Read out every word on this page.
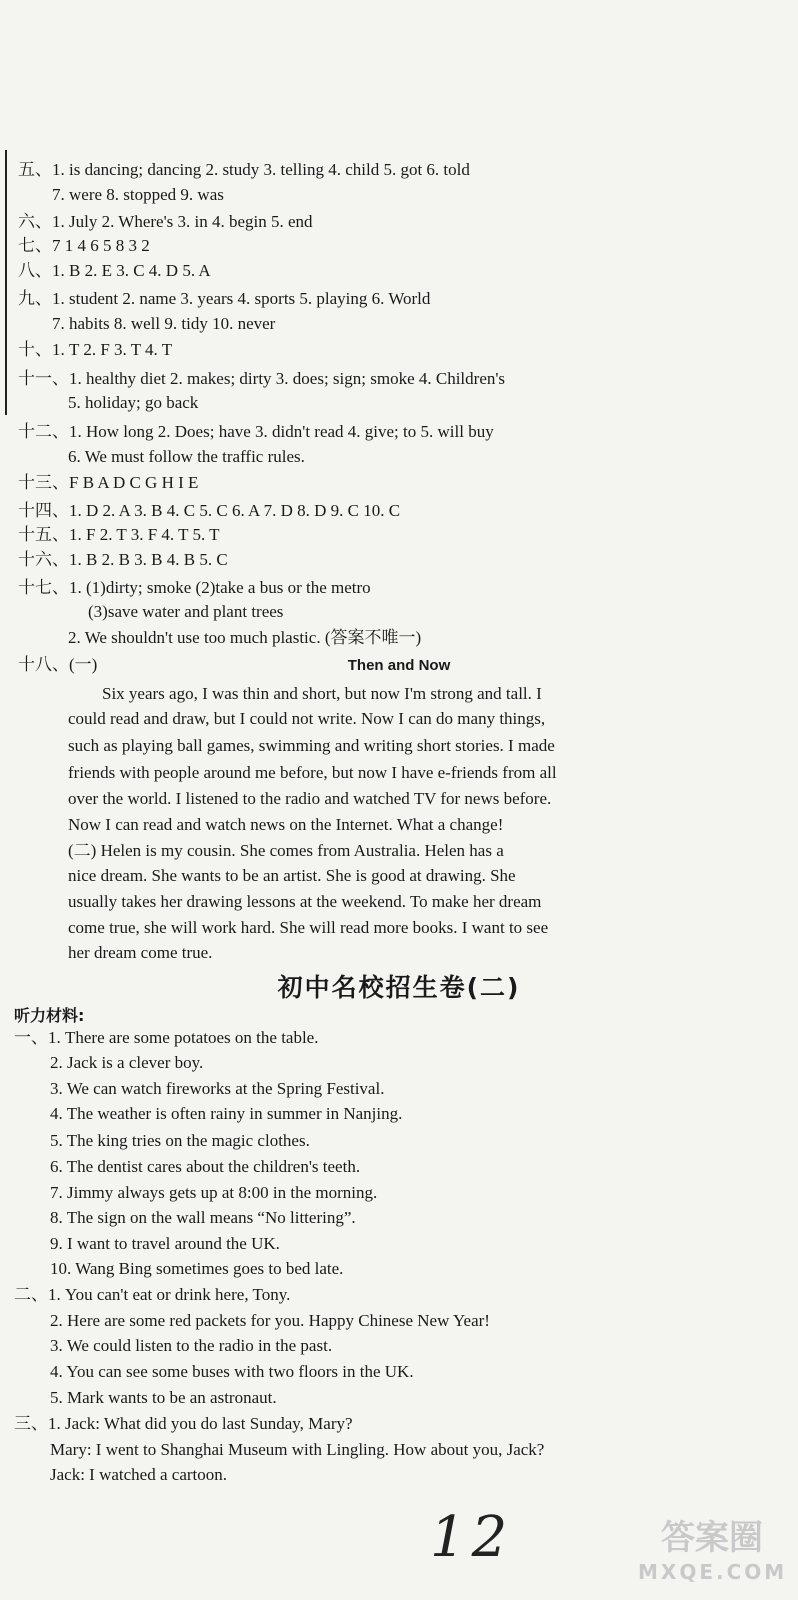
五、1. is dancing; dancing 2. study 3. telling 4. child 5. got 6. told
7. were 8. stopped 9. was
六、1. July 2. Where's 3. in 4. begin 5. end
七、7 1 4 6 5 8 3 2
八、1. B 2. E 3. C 4. D 5. A
九、1. student 2. name 3. years 4. sports 5. playing 6. World
7. habits 8. well 9. tidy 10. never
十、1. T 2. F 3. T 4. T
十一、1. healthy diet 2. makes; dirty 3. does; sign; smoke 4. Children's
5. holiday; go back
十二、1. How long 2. Does; have 3. didn't read 4. give; to 5. will buy
6. We must follow the traffic rules.
十三、F B A D C G H I E
十四、1. D 2. A 3. B 4. C 5. C 6. A 7. D 8. D 9. C 10. C
十五、1. F 2. T 3. F 4. T 5. T
十六、1. B 2. B 3. B 4. B 5. C
十七、1. (1)dirty; smoke (2)take a bus or the metro
(3)save water and plant trees
2. We shouldn't use too much plastic. (答案不唯一)
十八、(一)	Then and Now
Six years ago, I was thin and short, but now I'm strong and tall. I
could read and draw, but I could not write. Now I can do many things,
such as playing ball games, swimming and writing short stories. I made
friends with people around me before, but now I have e-friends from all
over the world. I listened to the radio and watched TV for news before.
Now I can read and watch news on the Internet. What a change!
(二) Helen is my cousin. She comes from Australia. Helen has a
nice dream. She wants to be an artist. She is good at drawing. She
usually takes her drawing lessons at the weekend. To make her dream
come true, she will work hard. She will read more books. I want to see
her dream come true.
初中名校招生卷(二)
听力材料:
一、1. There are some potatoes on the table.
2. Jack is a clever boy.
3. We can watch fireworks at the Spring Festival.
4. The weather is often rainy in summer in Nanjing.
5. The king tries on the magic clothes.
6. The dentist cares about the children's teeth.
7. Jimmy always gets up at 8:00 in the morning.
8. The sign on the wall means “No littering”.
9. I want to travel around the UK.
10. Wang Bing sometimes goes to bed late.
二、1. You can't eat or drink here, Tony.
2. Here are some red packets for you. Happy Chinese New Year!
3. We could listen to the radio in the past.
4. You can see some buses with two floors in the UK.
5. Mark wants to be an astronaut.
三、1. Jack: What did you do last Sunday, Mary?
Mary: I went to Shanghai Museum with Lingling. How about you, Jack?
Jack: I watched a cartoon.
12	答案圈
MXQE.COM
